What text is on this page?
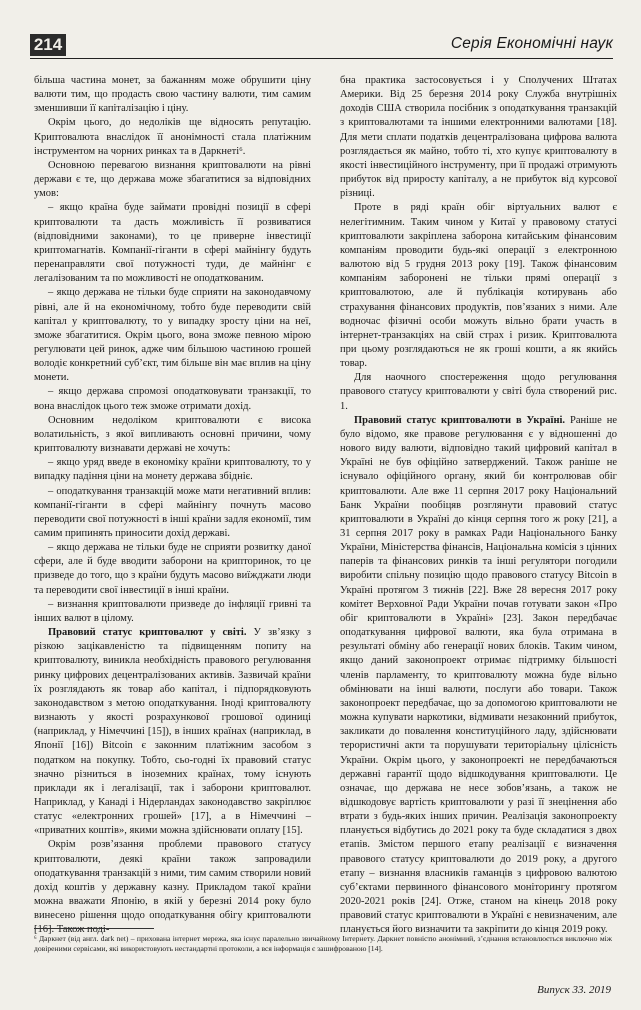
214	Серія Економічні наук

більша частина монет, за бажанням може обрушити ціну валюти тим, що продасть свою частину валюти, тим самим зменшивши її капіталізацію і ціну.

Окрім цього, до недоліків ще відносять репутацію. Криптовалюта внаслідок її анонімності стала платіжним інструментом на чорних ринках та в Даркнеті⁶.

Основною перевагою визнання криптовалюти на рівні держави є те, що держава може збагатитися за відповідних умов:

– якщо країна буде займати провідні позиції в сфері криптовалюти та дасть можливість її розвиватися (відповідними законами), то це приверне інвестиції криптомагнатів. Компанії-гіганти в сфері майнінгу будуть перенаправляти свої потужності туди, де майнінг є легалізованим та по можливості не оподаткованим.

– якщо держава не тільки буде сприяти на законодавчому рівні, але й на економічному, тобто буде переводити свій капітал у криптовалюту, то у випадку зросту ціни на неї, зможе збагатитися. Окрім цього, вона зможе певною мірою регулювати цей ринок, адже чим більшою частиною грошей володіє конкретний суб’єкт, тим більше він має вплив на ціну монети.

– якщо держава спромозі оподатковувати транзакції, то вона внаслідок цього теж зможе отримати дохід.

Основним недоліком криптовалюти є висока волатильність, з якої випливають основні причини, чому криптовалюту визнавати державі не хочуть:

– якщо уряд введе в економіку країни криптовалюту, то у випадку падіння ціни на монету держава збідніє.

– оподаткування транзакцій може мати негативний вплив: компанії-гіганти в сфері майнінгу почнуть масово переводити свої потужності в інші країни задля економії, тим самим припинять приносити дохід державі.

– якщо держава не тільки буде не сприяти розвитку даної сфери, але й буде вводити заборони на крипторинок, то це призведе до того, що з країни будуть масово виїжджати люди та переводити свої інвестиції в інші країни.

– визнання криптовалюти призведе до інфляції гривні та інших валют в цілому.

Правовий статус криптовалют у світі. У зв’язку з різкою зацікавленістю та підвищенням попиту на криптовалюту, виникла необхідність правового регулювання ринку цифрових децентралізованих активів. Зазвичай країни їх розглядають як товар або капітал, і підпорядковують законодавством з метою оподаткування. Іноді криптовалюту визнають у якості розрахункової грошової одиниці (наприклад, у Німеччині [15]), в інших країнах (наприклад, в Японії [16]) Bitcoin є законним платіжним засобом з податком на покупку. Тобто, сьо-годні їх правовий статус значно різниться в іноземних країнах, тому існують приклади як і легалізації, так і заборони криптовалют. Наприклад, у Канаді і Нідерландах законодавство закріплює статус «електронних грошей» [17], а в Німеччині – «приватних коштів», якими можна здійснювати оплату [15].

Окрім розв’язання проблеми правового статусу криптовалюти, деякі країни також запровадили оподаткування транзакцій з ними, тим самим створили новий дохід коштів у державну казну. Прикладом такої країни можна вважати Японію, в якій у березні 2014 року було винесено рішення щодо оподаткування обігу криптовалюти [16]. Також поді-

бна практика застосовується і у Сполучених Штатах Америки. Від 25 березня 2014 року Служба внутрішніх доходів США створила посібник з оподаткування транзакцій з криптовалютами та іншими електронними валютами [18]. Для мети сплати податків децентралізована цифрова валюта розглядається як майно, тобто ті, хто купує криптовалюту в якості інвестиційного інструменту, при її продажі отримують прибуток від приросту капіталу, а не прибуток від курсової різниці.

Проте в ряді країн обіг віртуальних валют є нелегітимним. Таким чином у Китаї у правовому статусі криптовалюти закріплена заборона китайським фінансовим компаніям проводити будь-які операції з електронною валютою від 5 грудня 2013 року [19]. Також фінансовим компаніям заборонені не тільки прямі операції з криптовалютою, але й публікація котирувань або страхування фінансових продуктів, пов’язаних з ними. Але водночас фізичні особи можуть вільно брати участь в інтернет-транзакціях на свій страх і ризик. Криптовалюта при цьому розглядаються не як гроші кошти, а як якийсь товар.

Для наочного спостереження щодо регулювання правового статусу криптовалюти у світі була створений рис. 1.

Правовий статус криптовалюти в Україні. Раніше не було відомо, яке правове регулювання є у відношенні до нового виду валюти, відповідно такий цифровий капітал в Україні не був офіційно затверджений. Також раніше не існувало офіційного органу, який би контролював обіг криптовалюти. Але вже 11 серпня 2017 року Національний Банк України пообіцяв розглянути правовий статус криптовалюти в Україні до кінця серпня того ж року [21], а 31 серпня 2017 року в рамках Ради Національного Банку України, Міністерства фінансів, Національна комісія з цінних паперів та фінансових ринків та інші регулятори погодили виробити спільну позицію щодо правового статусу Bitcoin в Україні протягом 3 тижнів [22]. Вже 28 вересня 2017 року комітет Верховної Ради України почав готувати закон «Про обіг криптовалюти в Україні» [23]. Закон передбачає оподаткування цифрової валюти, яка була отримана в результаті обміну або генерації нових блоків. Таким чином, якщо даний законопроект отримає підтримку більшості членів парламенту, то криптовалюту можна буде вільно обмінювати на інші валюти, послуги або товари. Також законопроект передбачає, що за допомогою криптовалюти не можна купувати наркотики, відмивати незаконний прибуток, закликати до повалення конституційного ладу, здійснювати терористичні акти та порушувати територіальну цілісність України. Окрім цього, у законопроекті не передбачаються державні гарантії щодо відшкодування криптовалюти. Це означає, що держава не несе зобов’язань, а також не відшкодовує вартість криптовалюти у разі її знецінення або втрати з будь-яких інших причин. Реалізація законопроекту планується відбутись до 2021 року та буде складатися з двох етапів. Змістом першого етапу реалізації є визначення правового статусу криптовалюти до 2019 року, а другого етапу – визнання власників гаманців з цифровою валютою суб’єктами первинного фінансового моніторингу протягом 2020-2021 років [24]. Отже, станом на кінець 2018 року правовий статус криптовалюти в Україні є невизначеним, але планується його визначити та закріпити до кінця 2019 року.

⁶ Даркнет (від англ. dark net) – прихована інтернет мережа, яка існує паралельно звичайному Інтернету. Даркнет повністю анонімний, з’єднання встановлюється виключно між довіреними сервісами, які використовують нестандартні протоколи, а вся інформація є зашифрованою [14].
Випуск 33. 2019
